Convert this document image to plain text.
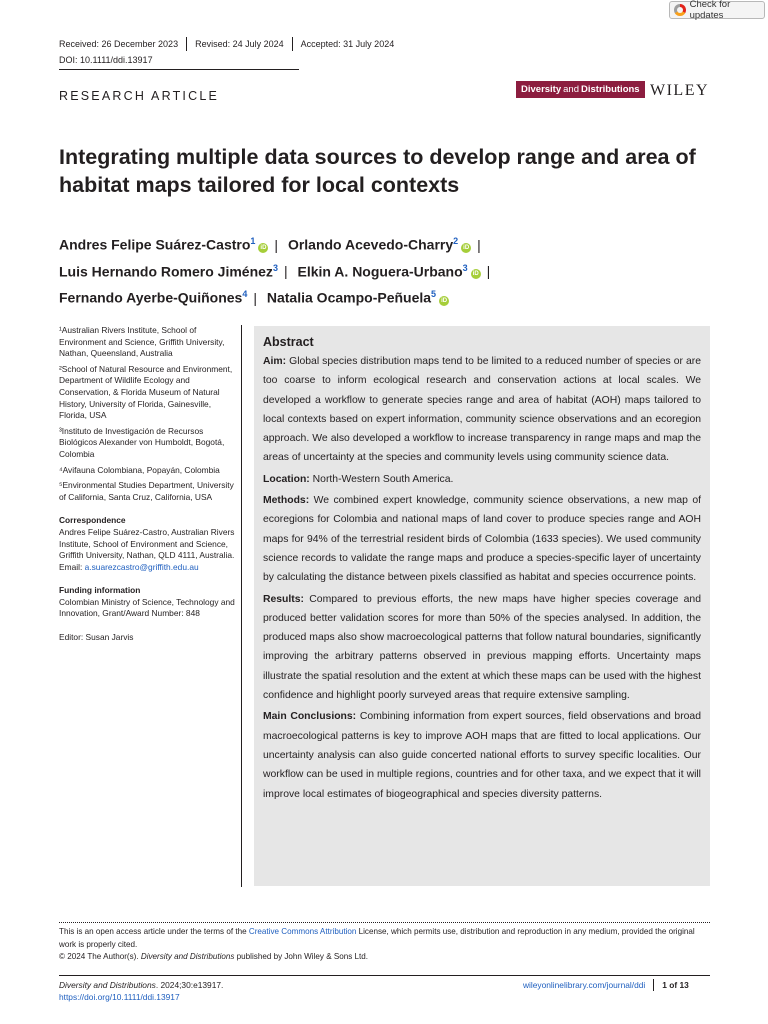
Check for updates
Received: 26 December 2023 Revised: 24 July 2024 Accepted: 31 July 2024
DOI: 10.1111/ddi.13917
RESEARCH ARTICLE	Diversity and Distributions WILEY
Integrating multiple data sources to develop range and area of habitat maps tailored for local contexts
Andres Felipe Suárez-Castro$^1$iD | Orlando Acevedo-Charry$^2$iD |
Luis Hernando Romero Jiménez$^3$ | Elkin A. Noguera-Urbano$^3$iD |
Fernando Ayerbe-Quiñones$^4$ | Natalia Ocampo-Peñuela$^5$iD
¹Australian Rivers Institute, School of Environment and Science, Griffith University, Nathan, Queensland, Australia
²School of Natural Resource and Environment, Department of Wildlife Ecology and Conservation, & Florida Museum of Natural History, University of Florida, Gainesville, Florida, USA
³Instituto de Investigación de Recursos Biológicos Alexander von Humboldt, Bogotá, Colombia
⁴Avifauna Colombiana, Popayán, Colombia
⁵Environmental Studies Department, University of California, Santa Cruz, California, USA
Correspondence
Andres Felipe Suárez-Castro, Australian Rivers Institute, School of Environment and Science, Griffith University, Nathan, QLD 4111, Australia.
Email: a.suarezcastro@griffith.edu.au
Funding information
Colombian Ministry of Science, Technology and Innovation, Grant/Award Number: 848
Editor: Susan Jarvis
Abstract

Aim: Global species distribution maps tend to be limited to a reduced number of species or are too coarse to inform ecological research and conservation actions at local scales. We developed a workflow to generate species range and area of habitat (AOH) maps tailored to local contexts based on expert information, community science observations and an ecoregion approach. We also developed a workflow to increase transparency in range maps and map the areas of uncertainty at the species and community levels using community science data.

Location: North-Western South America.

Methods: We combined expert knowledge, community science observations, a new map of ecoregions for Colombia and national maps of land cover to produce species range and AOH maps for 94% of the terrestrial resident birds of Colombia (1633 species). We used community science records to validate the range maps and produce a species-specific layer of uncertainty by calculating the distance between pixels classified as habitat and species occurrence points.

Results: Compared to previous efforts, the new maps have higher species coverage and produced better validation scores for more than 50% of the species analysed. In addition, the produced maps also show macroecological patterns that follow natural boundaries, significantly improving the arbitrary patterns observed in previous mapping efforts. Uncertainty maps illustrate the spatial resolution and the extent at which these maps can be used with the highest confidence and highlight poorly surveyed areas that require extensive sampling.

Main Conclusions: Combining information from expert sources, field observations and broad macroecological patterns is key to improve AOH maps that are fitted to local applications. Our uncertainty analysis can also guide concerted national efforts to survey specific localities. Our workflow can be used in multiple regions, countries and for other taxa, and we expect that it will improve local estimates of biogeographical and species diversity patterns.

This is an open access article under the terms of the Creative Commons Attribution License, which permits use, distribution and reproduction in any medium, provided the original work is properly cited.
© 2024 The Author(s). Diversity and Distributions published by John Wiley & Sons Ltd.
Diversity and Distributions. 2024;30:e13917.
https://doi.org/10.1111/ddi.13917
wileyonlinelibrary.com/journal/ddi 1 of 13
